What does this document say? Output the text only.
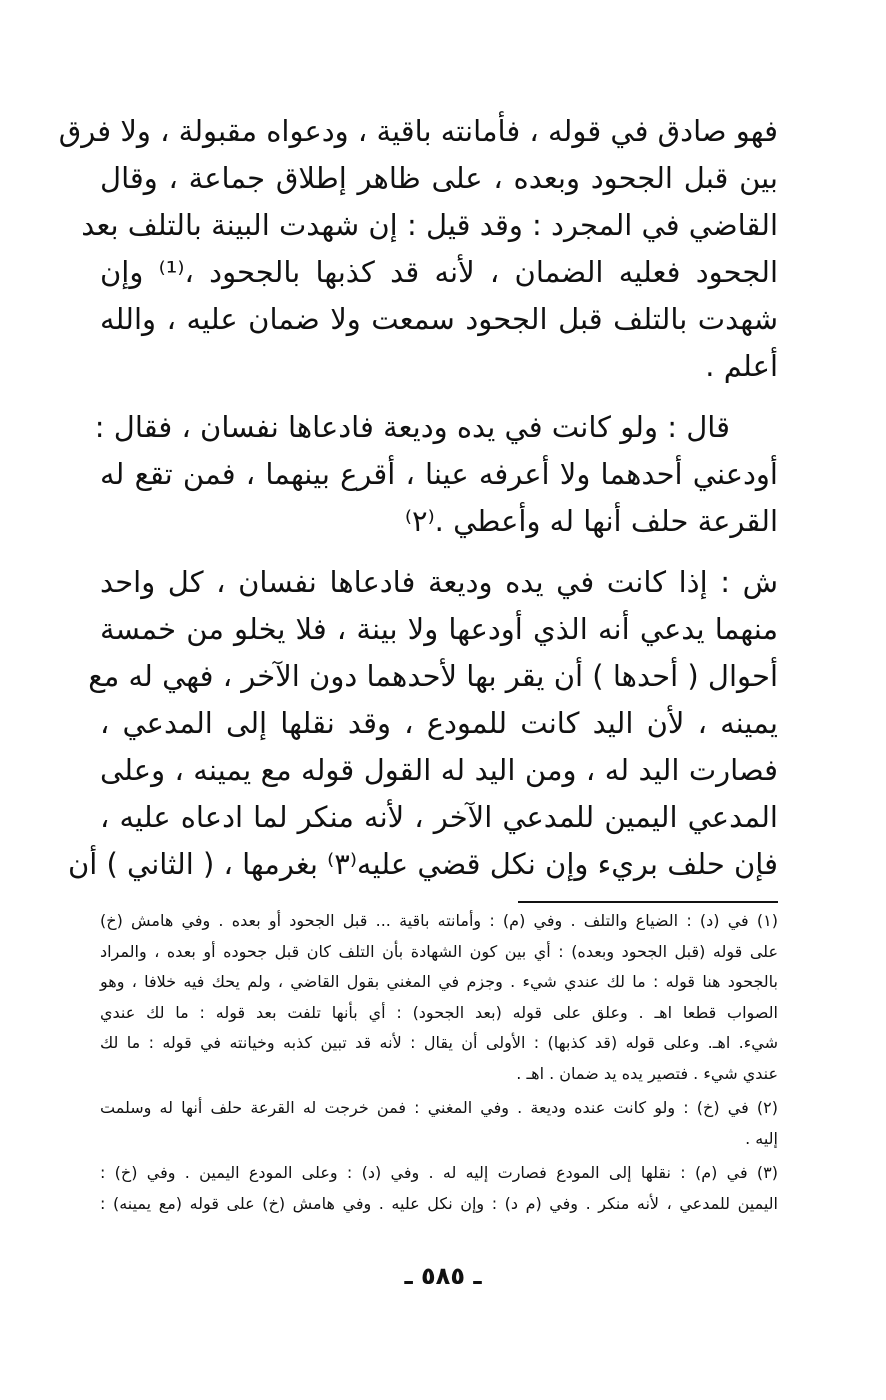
فهو صادق في قوله ، فأمانته باقية ، ودعواه مقبولة ، ولا فرق
بين قبل الجحود وبعده ، على ظاهر إطلاق جماعة ، وقال
القاضي في المجرد : وقد قيل : إن شهدت البينة بالتلف بعد
الجحود فعليه الضمان ، لأنه قد كذبها بالجحود ،⁽¹⁾ وإن
شهدت بالتلف قبل الجحود سمعت ولا ضمان عليه ، والله
أعلم .
قال : ولو كانت في يده وديعة فادعاها نفسان ، فقال :
أودعني أحدهما ولا أعرفه عينا ، أقرع بينهما ، فمن تقع له
القرعة حلف أنها له وأعطي .⁽٢⁾
ش : إذا كانت في يده وديعة فادعاها نفسان ، كل واحد
منهما يدعي أنه الذي أودعها ولا بينة ، فلا يخلو من خمسة
أحوال ( أحدها ) أن يقر بها لأحدهما دون الآخر ، فهي له مع
يمينه ، لأن اليد كانت للمودع ، وقد نقلها إلى المدعي ،
فصارت اليد له ، ومن اليد له القول قوله مع يمينه ، وعلى
المدعي اليمين للمدعي الآخر ، لأنه منكر لما ادعاه عليه ،
فإن حلف بريء وإن نكل قضي عليه⁽٣⁾ بغرمها ، ( الثاني ) أن
(١) في (د) : الضياع والتلف . وفي (م) : وأمانته باقية ... قبل الجحود أو بعده . وفي هامش (خ)
على قوله (قبل الجحود وبعده) : أي بين كون الشهادة بأن التلف كان قبل جحوده أو بعده ، والمراد
بالجحود هنا قوله : ما لك عندي شيء . وجزم في المغني بقول القاضي ، ولم يحك فيه خلافا ، وهو
الصواب قطعا اهـ . وعلق على قوله (بعد الجحود) : أي بأنها تلفت بعد قوله : ما لك عندي
شيء. اهـ. وعلى قوله (قد كذبها) : الأولى أن يقال : لأنه قد تبين كذبه وخيانته في قوله : ما لك
عندي شيء . فتصير يده يد ضمان . اهـ .
(٢) في (خ) : ولو كانت عنده وديعة . وفي المغني : فمن خرجت له القرعة حلف أنها له وسلمت
إليه .
(٣) في (م) : نقلها إلى المودع فصارت إليه له . وفي (د) : وعلى المودع اليمين . وفي (خ) :
اليمين للمدعي ، لأنه منكر . وفي (م د) : وإن نكل عليه . وفي هامش (خ) على قوله (مع يمينه) :
ـ ٥٨٥ ـ
